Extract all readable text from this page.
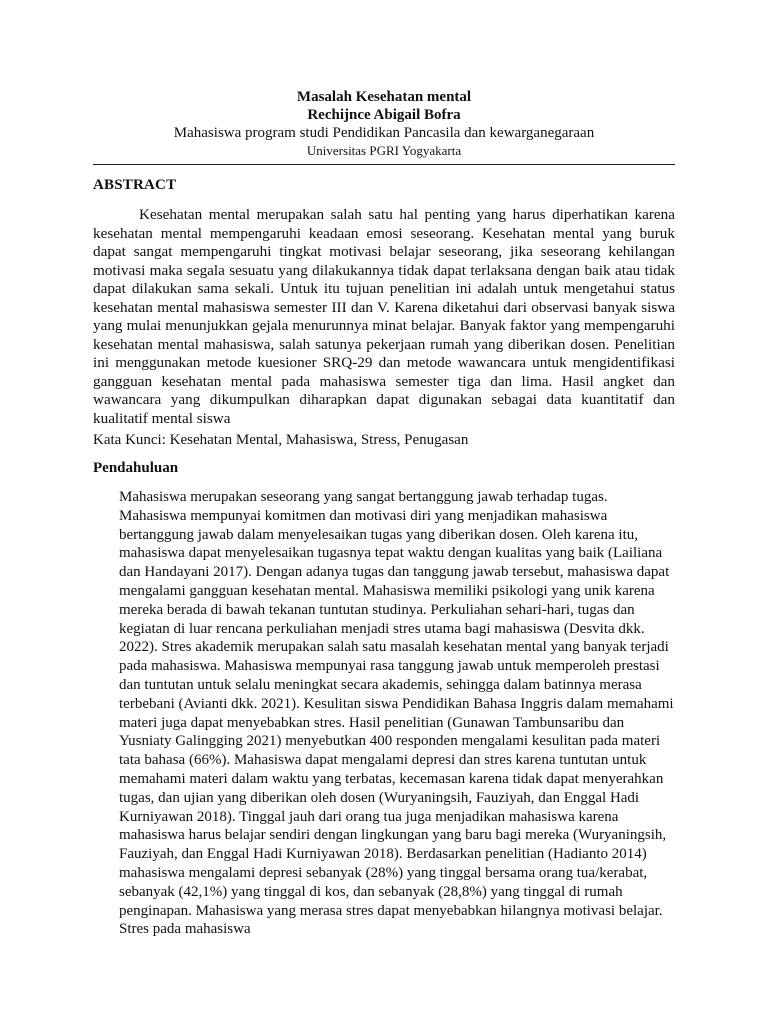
Masalah Kesehatan mental
Rechijnce Abigail Bofra
Mahasiswa program studi Pendidikan Pancasila dan kewarganegaraan
Universitas PGRI Yogyakarta
ABSTRACT

Kesehatan mental merupakan salah satu hal penting yang harus diperhatikan karena kesehatan mental mempengaruhi keadaan emosi seseorang. Kesehatan mental yang buruk dapat sangat mempengaruhi tingkat motivasi belajar seseorang, jika seseorang kehilangan motivasi maka segala sesuatu yang dilakukannya tidak dapat terlaksana dengan baik atau tidak dapat dilakukan sama sekali. Untuk itu tujuan penelitian ini adalah untuk mengetahui status kesehatan mental mahasiswa semester III dan V. Karena diketahui dari observasi banyak siswa yang mulai menunjukkan gejala menurunnya minat belajar. Banyak faktor yang mempengaruhi kesehatan mental mahasiswa, salah satunya pekerjaan rumah yang diberikan dosen. Penelitian ini menggunakan metode kuesioner SRQ-29 dan metode wawancara untuk mengidentifikasi gangguan kesehatan mental pada mahasiswa semester tiga dan lima. Hasil angket dan wawancara yang dikumpulkan diharapkan dapat digunakan sebagai data kuantitatif dan kualitatif mental siswa

Kata Kunci: Kesehatan Mental, Mahasiswa, Stress, Penugasan

Pendahuluan

Mahasiswa merupakan seseorang yang sangat bertanggung jawab terhadap tugas. Mahasiswa mempunyai komitmen dan motivasi diri yang menjadikan mahasiswa bertanggung jawab dalam menyelesaikan tugas yang diberikan dosen. Oleh karena itu, mahasiswa dapat menyelesaikan tugasnya tepat waktu dengan kualitas yang baik (Lailiana dan Handayani 2017). Dengan adanya tugas dan tanggung jawab tersebut, mahasiswa dapat mengalami gangguan kesehatan mental. Mahasiswa memiliki psikologi yang unik karena mereka berada di bawah tekanan tuntutan studinya. Perkuliahan sehari-hari, tugas dan kegiatan di luar rencana perkuliahan menjadi stres utama bagi mahasiswa (Desvita dkk. 2022). Stres akademik merupakan salah satu masalah kesehatan mental yang banyak terjadi pada mahasiswa. Mahasiswa mempunyai rasa tanggung jawab untuk memperoleh prestasi dan tuntutan untuk selalu meningkat secara akademis, sehingga dalam batinnya merasa terbebani (Avianti dkk. 2021). Kesulitan siswa Pendidikan Bahasa Inggris dalam memahami materi juga dapat menyebabkan stres. Hasil penelitian (Gunawan Tambunsaribu dan Yusniaty Galingging 2021) menyebutkan 400 responden mengalami kesulitan pada materi tata bahasa (66%). Mahasiswa dapat mengalami depresi dan stres karena tuntutan untuk memahami materi dalam waktu yang terbatas, kecemasan karena tidak dapat menyerahkan tugas, dan ujian yang diberikan oleh dosen (Wuryaningsih, Fauziyah, dan Enggal Hadi Kurniyawan 2018). Tinggal jauh dari orang tua juga menjadikan mahasiswa karena mahasiswa harus belajar sendiri dengan lingkungan yang baru bagi mereka (Wuryaningsih, Fauziyah, dan Enggal Hadi Kurniyawan 2018). Berdasarkan penelitian (Hadianto 2014) mahasiswa mengalami depresi sebanyak (28%) yang tinggal bersama orang tua/kerabat, sebanyak (42,1%) yang tinggal di kos, dan sebanyak (28,8%) yang tinggal di rumah penginapan. Mahasiswa yang merasa stres dapat menyebabkan hilangnya motivasi belajar. Stres pada mahasiswa
